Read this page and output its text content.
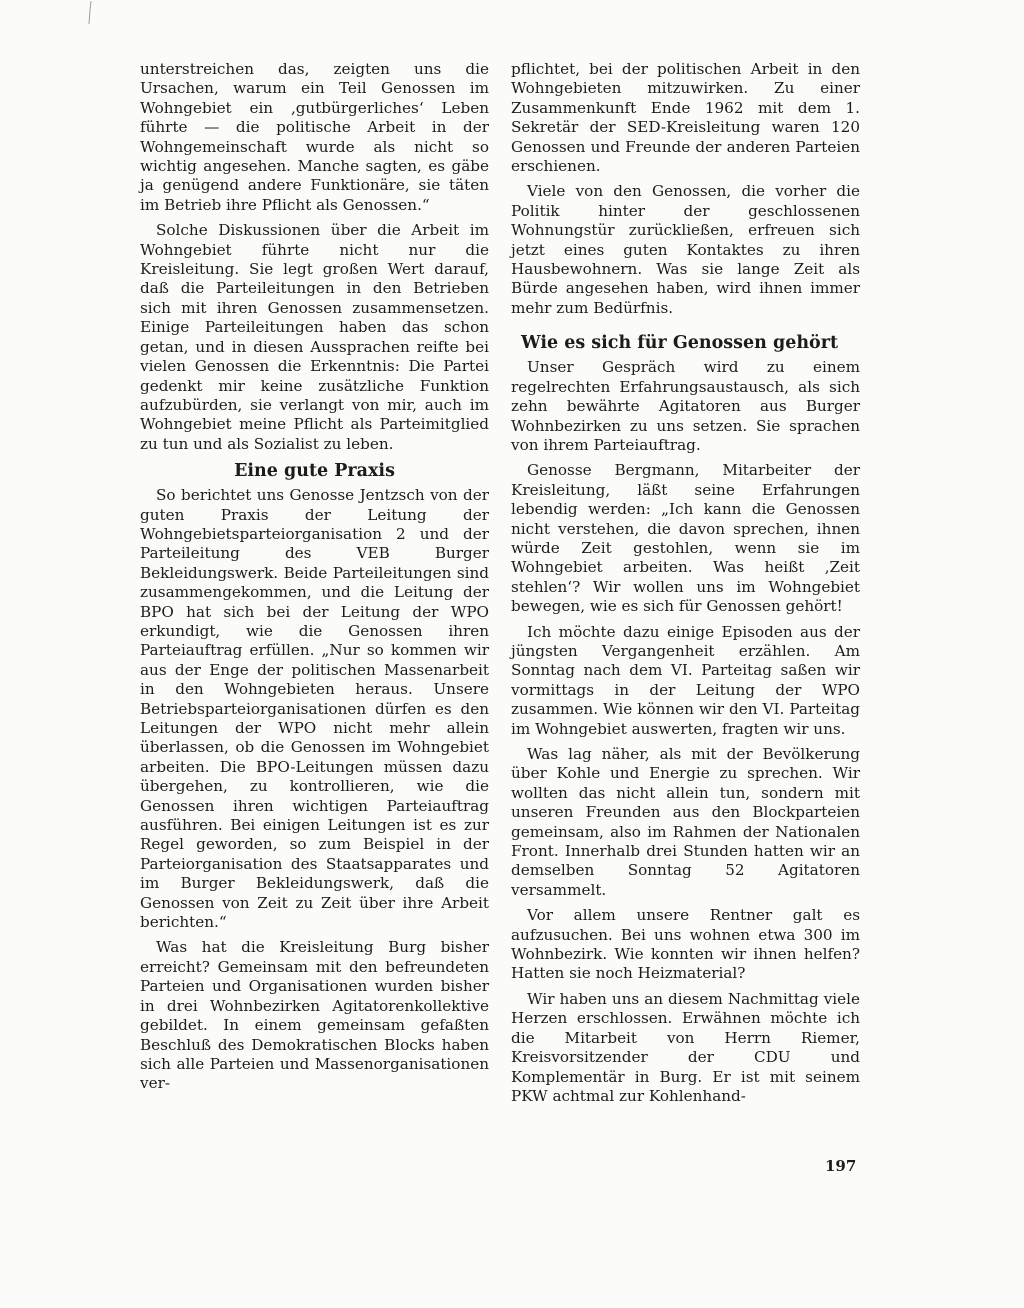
unterstreichen das, zeigten uns die Ursachen, warum ein Teil Genossen im Wohngebiet ein ‚gutbürgerliches‘ Leben führte — die politische Arbeit in der Wohngemeinschaft wurde als nicht so wichtig angesehen. Manche sagten, es gäbe ja genügend andere Funktionäre, sie täten im Betrieb ihre Pflicht als Genossen.“

Solche Diskussionen über die Arbeit im Wohngebiet führte nicht nur die Kreisleitung. Sie legt großen Wert darauf, daß die Parteileitungen in den Betrieben sich mit ihren Genossen zusammensetzen. Einige Parteileitungen haben das schon getan, und in diesen Aussprachen reifte bei vielen Genossen die Erkenntnis: Die Partei gedenkt mir keine zusätzliche Funktion aufzubürden, sie verlangt von mir, auch im Wohngebiet meine Pflicht als Parteimitglied zu tun und als Sozialist zu leben.

Eine gute Praxis

So berichtet uns Genosse Jentzsch von der guten Praxis der Leitung der Wohngebietsparteiorganisation 2 und der Parteileitung des VEB Burger Bekleidungswerk. Beide Parteileitungen sind zusammengekommen, und die Leitung der BPO hat sich bei der Leitung der WPO erkundigt, wie die Genossen ihren Parteiauftrag erfüllen. „Nur so kommen wir aus der Enge der politischen Massenarbeit in den Wohngebieten heraus. Unsere Betriebsparteiorganisationen dürfen es den Leitungen der WPO nicht mehr allein überlassen, ob die Genossen im Wohngebiet arbeiten. Die BPO-Leitungen müssen dazu übergehen, zu kontrollieren, wie die Genossen ihren wichtigen Parteiauftrag ausführen. Bei einigen Leitungen ist es zur Regel geworden, so zum Beispiel in der Parteiorganisation des Staatsapparates und im Burger Bekleidungswerk, daß die Genossen von Zeit zu Zeit über ihre Arbeit berichten.“

Was hat die Kreisleitung Burg bisher erreicht? Gemeinsam mit den befreundeten Parteien und Organisationen wurden bisher in drei Wohnbezirken Agitatorenkollektive gebildet. In einem gemeinsam gefaßten Beschluß des Demokratischen Blocks haben sich alle Parteien und Massenorganisationen ver-

pflichtet, bei der politischen Arbeit in den Wohngebieten mitzuwirken. Zu einer Zusammenkunft Ende 1962 mit dem 1. Sekretär der SED-Kreisleitung waren 120 Genossen und Freunde der anderen Parteien erschienen.

Viele von den Genossen, die vorher die Politik hinter der geschlossenen Wohnungstür zurückließen, erfreuen sich jetzt eines guten Kontaktes zu ihren Hausbewohnern. Was sie lange Zeit als Bürde angesehen haben, wird ihnen immer mehr zum Bedürfnis.

Wie es sich für Genossen gehört

Unser Gespräch wird zu einem regelrechten Erfahrungsaustausch, als sich zehn bewährte Agitatoren aus Burger Wohnbezirken zu uns setzen. Sie sprachen von ihrem Parteiauftrag.

Genosse Bergmann, Mitarbeiter der Kreisleitung, läßt seine Erfahrungen lebendig werden: „Ich kann die Genossen nicht verstehen, die davon sprechen, ihnen würde Zeit gestohlen, wenn sie im Wohngebiet arbeiten. Was heißt ‚Zeit stehlen‘? Wir wollen uns im Wohngebiet bewegen, wie es sich für Genossen gehört!

Ich möchte dazu einige Episoden aus der jüngsten Vergangenheit erzählen. Am Sonntag nach dem VI. Parteitag saßen wir vormittags in der Leitung der WPO zusammen. Wie können wir den VI. Parteitag im Wohngebiet auswerten, fragten wir uns.

Was lag näher, als mit der Bevölkerung über Kohle und Energie zu sprechen. Wir wollten das nicht allein tun, sondern mit unseren Freunden aus den Blockparteien gemeinsam, also im Rahmen der Nationalen Front. Innerhalb drei Stunden hatten wir an demselben Sonntag 52 Agitatoren versammelt.

Vor allem unsere Rentner galt es aufzusuchen. Bei uns wohnen etwa 300 im Wohnbezirk. Wie konnten wir ihnen helfen? Hatten sie noch Heizmaterial?

Wir haben uns an diesem Nachmittag viele Herzen erschlossen. Erwähnen möchte ich die Mitarbeit von Herrn Riemer, Kreisvorsitzender der CDU und Komplementär in Burg. Er ist mit seinem PKW achtmal zur Kohlenhand-

197
